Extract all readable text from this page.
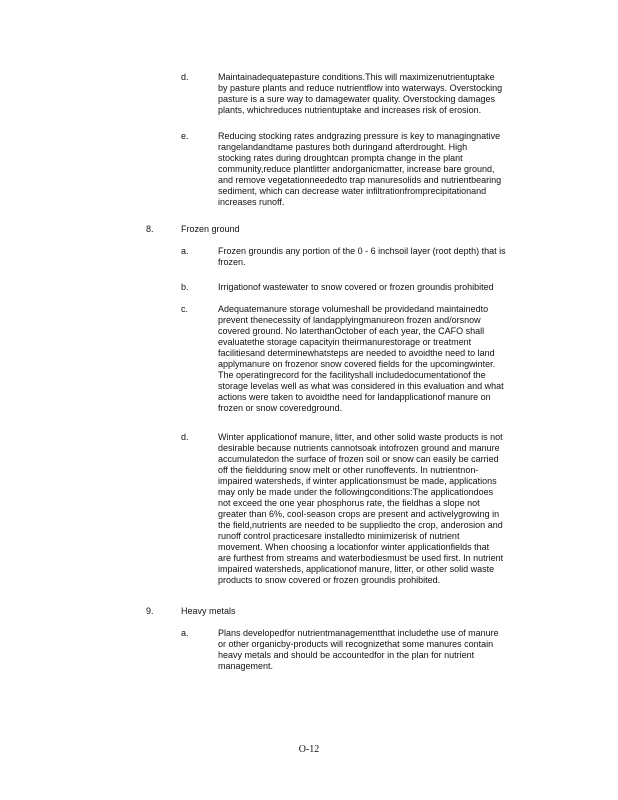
d.	Maintainadequatepasture conditions.This will maximizenutrientuptake

by pasture plants and reduce nutrientflow into waterways. Overstocking

pasture is a sure way to damagewater quality. Overstocking damages

plants, whichreduces nutrientuptake and increases risk of erosion.

e.	Reducing stocking rates andgrazing pressure is key to managingnative

rangelandandtame pastures both duringand afterdrought. High

stocking rates during droughtcan prompta change in the plant

community,reduce plantlitter andorganicmatter, increase bare ground,

and remove vegetationneededto trap manuresolids and nutrientbearing

sediment, which can decrease water infiltrationfromprecipitationand

increases runoff.

8.	Frozen ground
a.	Frozen groundis any portion of the 0 - 6 inchsoil layer (root depth) that is

frozen.

b.	Irrigationof wastewater to snow covered or frozen groundis prohibited

c.	Adequatemanure storage volumeshall be providedand maintainedto

prevent thenecessity of landapplyingmanureon frozen and/orsnow

covered ground. No laterthanOctober of each year, the CAFO shall

evaluatethe storage capacityin theirmanurestorage or treatment

facilitiesand determinewhatsteps are needed to avoidthe need to land

applymanure on frozenor snow covered fields for the upcomingwinter.

The operatingrecord for the facilityshall includedocumentationof the

storage levelas well as what was considered in this evaluation and what

actions were taken to avoidthe need for landapplicationof manure on

frozen or snow coveredground.

d.	Winter applicationof manure, litter, and other solid waste products is not

desirable because nutrients cannotsoak intofrozen ground and manure

accumulatedon the surface of frozen soil or snow can easily be carried

off the fieldduring snow melt or other runoffevents. In nutrientnon-

impaired watersheds, if winter applicationsmust be made, applications

may only be made under the followingconditions:The applicationdoes

not exceed the one year phosphorus rate, the fieldhas a slope not

greater than 6%, cool-season crops are present and activelygrowing in

the field,nutrients are needed to be suppliedto the crop, anderosion and

runoff control practicesare installedto minimizerisk of nutrient

movement. When choosing a locationfor winter applicationfields that

are furthest from streams and waterbodiesmust be used first. In nutrient

impaired watersheds, applicationof manure, litter, or other solid waste

products to snow covered or frozen groundis prohibited.

9.	Heavy metals
a.	Plans developedfor nutrientmanagementthat includethe use of manure

or other organicby-products will recognizethat some manures contain

heavy metals and should be accountedfor in the plan for nutrient

management.

O-12
